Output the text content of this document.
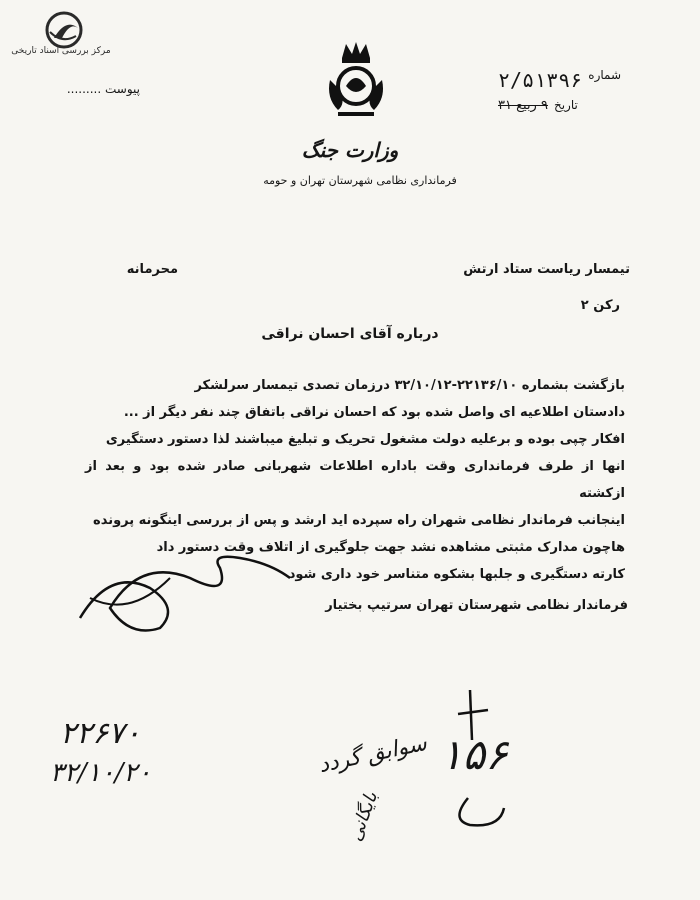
مرکز بررسی اسناد تاریخی
وزارت جنگ
فرمانداری نظامی شهرستان تهران و حومه
پیوست .........
شماره
۲/۵۱۳۹۶
تاریخ
۹ ربیع ۳۱
محرمانه	تیمسار ریاست ستاد ارتش
رکن ۲
درباره آقای احسان نراقی

بازگشت بشماره ۲۲۱۳۶/۱۰-۳۲/۱۰/۱۲ درزمان تصدی تیمسار سرلشکر

دادستان اطلاعیه ای واصل شده بود که احسان نراقی باتفاق چند نفر دیگر از ...

افکار چپی بوده و برعلیه دولت مشغول تحریک و تبلیغ میباشند لذا دستور دستگیری

انها از طرف فرمانداری وقت باداره اطلاعات شهربانی صادر شده بود و بعد از ازکشته

اینجانب فرماندار نظامی شهران راه سپرده اید ارشد و پس از بررسی اینگونه پرونده

هاچون مدارک مثبتی مشاهده نشد جهت جلوگیری از اتلاف وقت دستور داد

کارته دستگیری و جلبها بشکوه متناسر خود داری شود

فرماندار نظامی شهرستان تهران سرتیپ بختیار
۲۲۶۷۰
۳۲/۱۰/۲۰	سوابق گردد
بایگانی
۱۵۶
